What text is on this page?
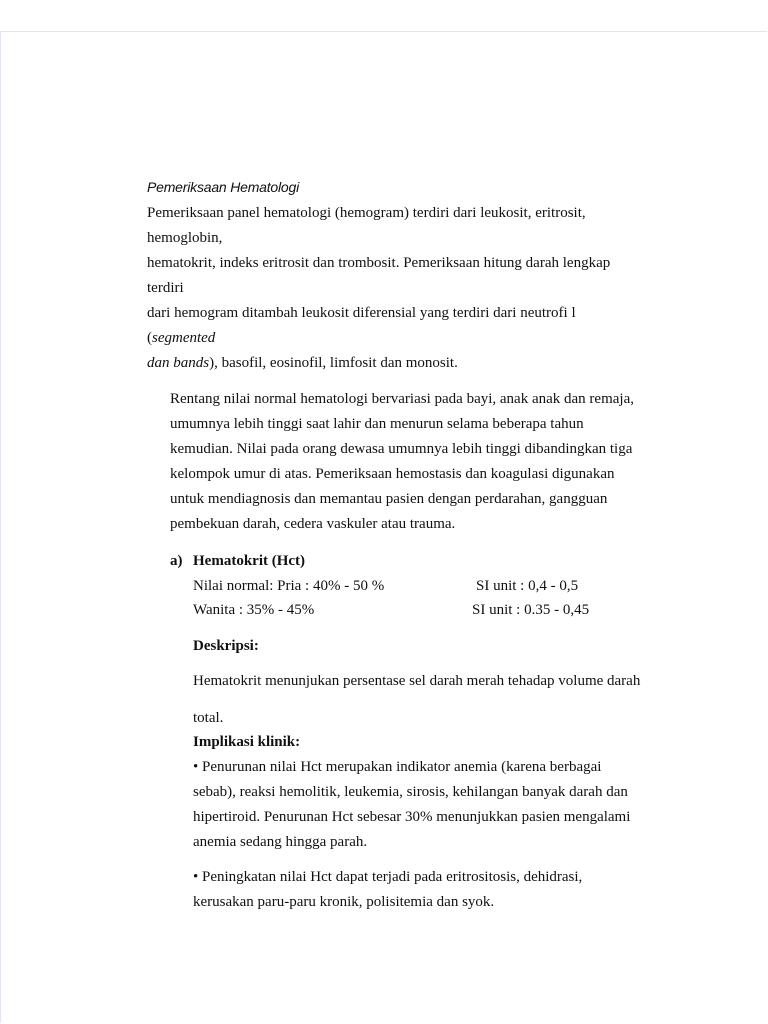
Pemeriksaan Hematologi
Pemeriksaan panel hematologi (hemogram) terdiri dari leukosit, eritrosit,
hemoglobin,
hematokrit, indeks eritrosit dan trombosit. Pemeriksaan hitung darah lengkap
terdiri
dari hemogram ditambah leukosit diferensial yang terdiri dari neutrofi l
(segmented
dan bands), basofil, eosinofil, limfosit dan monosit.
Rentang nilai normal hematologi bervariasi pada bayi, anak anak dan remaja,
umumnya lebih tinggi saat lahir dan menurun selama beberapa tahun
kemudian. Nilai pada orang dewasa umumnya lebih tinggi dibandingkan tiga
kelompok umur di atas. Pemeriksaan hemostasis dan koagulasi digunakan
untuk mendiagnosis dan memantau pasien dengan perdarahan, gangguan
pembekuan darah, cedera vaskuler atau trauma.
a) Hematokrit (Hct)
Nilai normal: Pria : 40% - 50 %	SI unit : 0,4 - 0,5
Wanita : 35% - 45%	SI unit : 0.35 - 0,45
Deskripsi:
Hematokrit menunjukan persentase sel darah merah tehadap volume darah
total.
Implikasi klinik:
• Penurunan nilai Hct merupakan indikator anemia (karena berbagai
sebab), reaksi hemolitik, leukemia, sirosis, kehilangan banyak darah dan
hipertiroid. Penurunan Hct sebesar 30% menunjukkan pasien mengalami
anemia sedang hingga parah.
• Peningkatan nilai Hct dapat terjadi pada eritrositosis, dehidrasi,
kerusakan paru-paru kronik, polisitemia dan syok.
